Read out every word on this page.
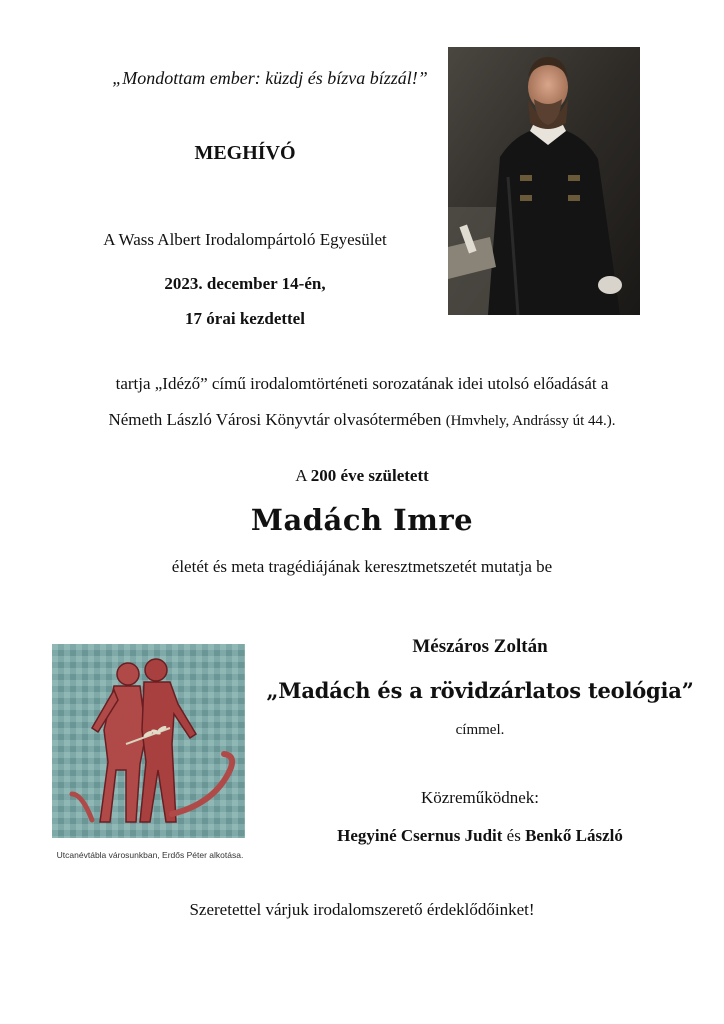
„Mondottam ember: küzdj és bízva bízzál!”
MEGHÍVÓ
A Wass Albert Irodalompártoló Egyesület
2023. december 14-én,
17 órai kezdettel
tartja „Idéző” című irodalomtörténeti sorozatának idei utolsó előadását a
Németh László Városi Könyvtár olvasótermében (Hmvhely, Andrássy út 44.).
A 200 éve született
Madách Imre
életét és meta tragédiájának keresztmetszetét mutatja be
Utcanévtábla városunkban, Erdős Péter alkotása.
Mészáros Zoltán
„Madách és a rövidzárlatos teológia”
címmel.
Közreműködnek:
Hegyiné Csernus Judit és Benkő László
Szeretettel várjuk irodalomszerető érdeklődőinket!
